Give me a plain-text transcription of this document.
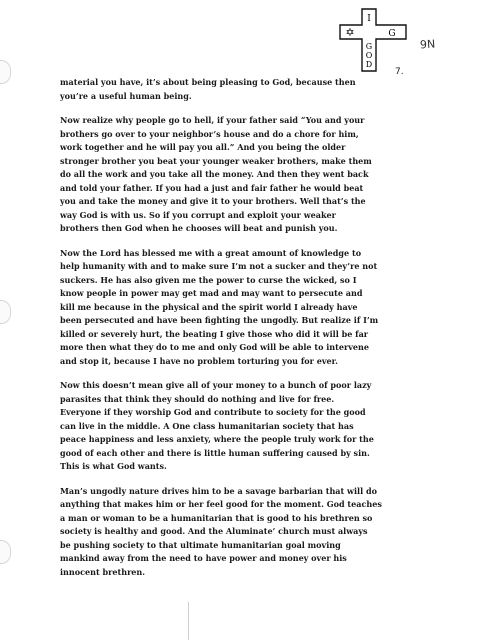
I
✡	G
G
O
D
9N
7.

material you have, it’s about being pleasing to God, because then
you’re a useful human being.

Now realize why people go to hell, if your father said “You and your
brothers go over to your neighbor’s house and do a chore for him,
work together and he will pay you all.” And you being the older
stronger brother you beat your younger weaker brothers, make them
do all the work and you take all the money. And then they went back
and told your father. If you had a just and fair father he would beat
you and take the money and give it to your brothers. Well that’s the
way God is with us. So if you corrupt and exploit your weaker
brothers then God when he chooses will beat and punish you.

Now the Lord has blessed me with a great amount of knowledge to
help humanity with and to make sure I’m not a sucker and they’re not
suckers. He has also given me the power to curse the wicked, so I
know people in power may get mad and may want to persecute and
kill me because in the physical and the spirit world I already have
been persecuted and have been fighting the ungodly. But realize if I’m
killed or severely hurt, the beating I give those who did it will be far
more then what they do to me and only God will be able to intervene
and stop it, because I have no problem torturing you for ever.

Now this doesn’t mean give all of your money to a bunch of poor lazy
parasites that think they should do nothing and live for free.
Everyone if they worship God and contribute to society for the good
can live in the middle. A One class humanitarian society that has
peace happiness and less anxiety, where the people truly work for the
good of each other and there is little human suffering caused by sin.
This is what God wants.

Man’s ungodly nature drives him to be a savage barbarian that will do
anything that makes him or her feel good for the moment. God teaches
a man or woman to be a humanitarian that is good to his brethren so
society is healthy and good. And the Aluminate’ church must always
be pushing society to that ultimate humanitarian goal moving
mankind away from the need to have power and money over his
innocent brethren.
